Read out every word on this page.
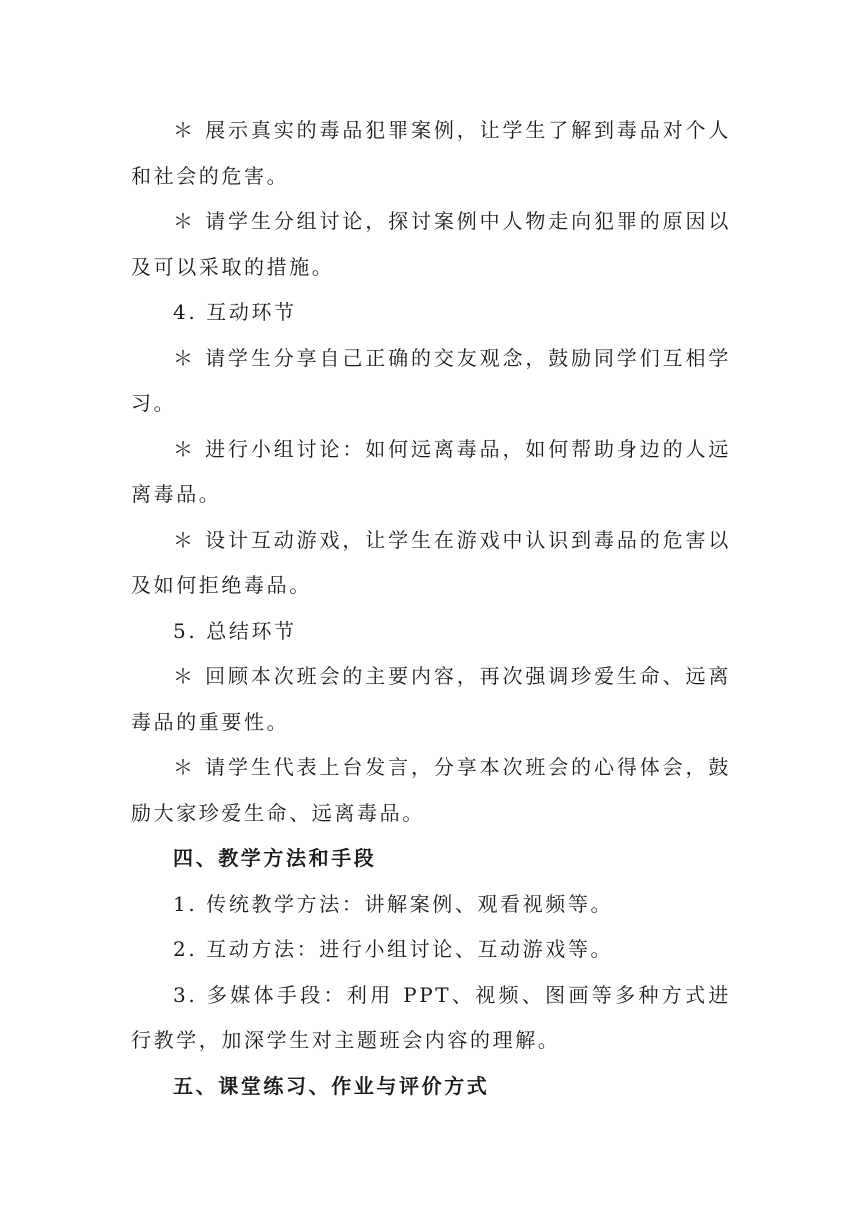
＊ 展示真实的毒品犯罪案例，让学生了解到毒品对个人和社会的危害。

＊ 请学生分组讨论，探讨案例中人物走向犯罪的原因以及可以采取的措施。

4. 互动环节

＊ 请学生分享自己正确的交友观念，鼓励同学们互相学习。

＊ 进行小组讨论：如何远离毒品，如何帮助身边的人远离毒品。

＊ 设计互动游戏，让学生在游戏中认识到毒品的危害以及如何拒绝毒品。

5. 总结环节

＊ 回顾本次班会的主要内容，再次强调珍爱生命、远离毒品的重要性。

＊ 请学生代表上台发言，分享本次班会的心得体会，鼓励大家珍爱生命、远离毒品。

四、教学方法和手段

1. 传统教学方法：讲解案例、观看视频等。

2. 互动方法：进行小组讨论、互动游戏等。

3. 多媒体手段：利用 PPT、视频、图画等多种方式进行教学，加深学生对主题班会内容的理解。

五、课堂练习、作业与评价方式
